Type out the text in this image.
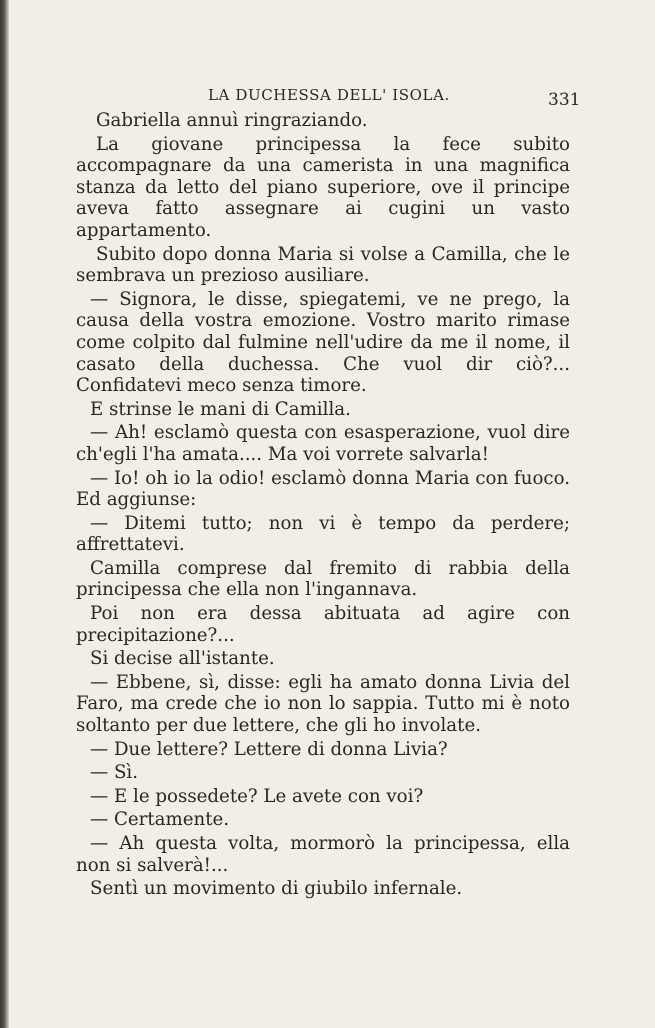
LA DUCHESSA DELL' ISOLA.	331

Gabriella annuì ringraziando.

La giovane principessa la fece subito accompagnare da una camerista in una magnifica stanza da letto del piano superiore, ove il principe aveva fatto assegnare ai cugini un vasto appartamento.

Subito dopo donna Maria si volse a Camilla, che le sembrava un prezioso ausiliare.

— Signora, le disse, spiegatemi, ve ne prego, la causa della vostra emozione. Vostro marito rimase come colpito dal fulmine nell'udire da me il nome, il casato della duchessa. Che vuol dir ciò?... Confidatevi meco senza timore.

E strinse le mani di Camilla.

— Ah! esclamò questa con esasperazione, vuol dire ch'egli l'ha amata.... Ma voi vorrete salvarla!

— Io! oh io la odio! esclamò donna Maria con fuoco. Ed aggiunse:

— Ditemi tutto; non vi è tempo da perdere; affrettatevi.

Camilla comprese dal fremito di rabbia della principessa che ella non l'ingannava.

Poi non era dessa abituata ad agire con precipitazione?...

Si decise all'istante.

— Ebbene, sì, disse: egli ha amato donna Livia del Faro, ma crede che io non lo sappia. Tutto mi è noto soltanto per due lettere, che gli ho involate.

— Due lettere? Lettere di donna Livia?

— Sì.

— E le possedete? Le avete con voi?

— Certamente.

— Ah questa volta, mormorò la principessa, ella non si salverà!...

Sentì un movimento di giubilo infernale.
